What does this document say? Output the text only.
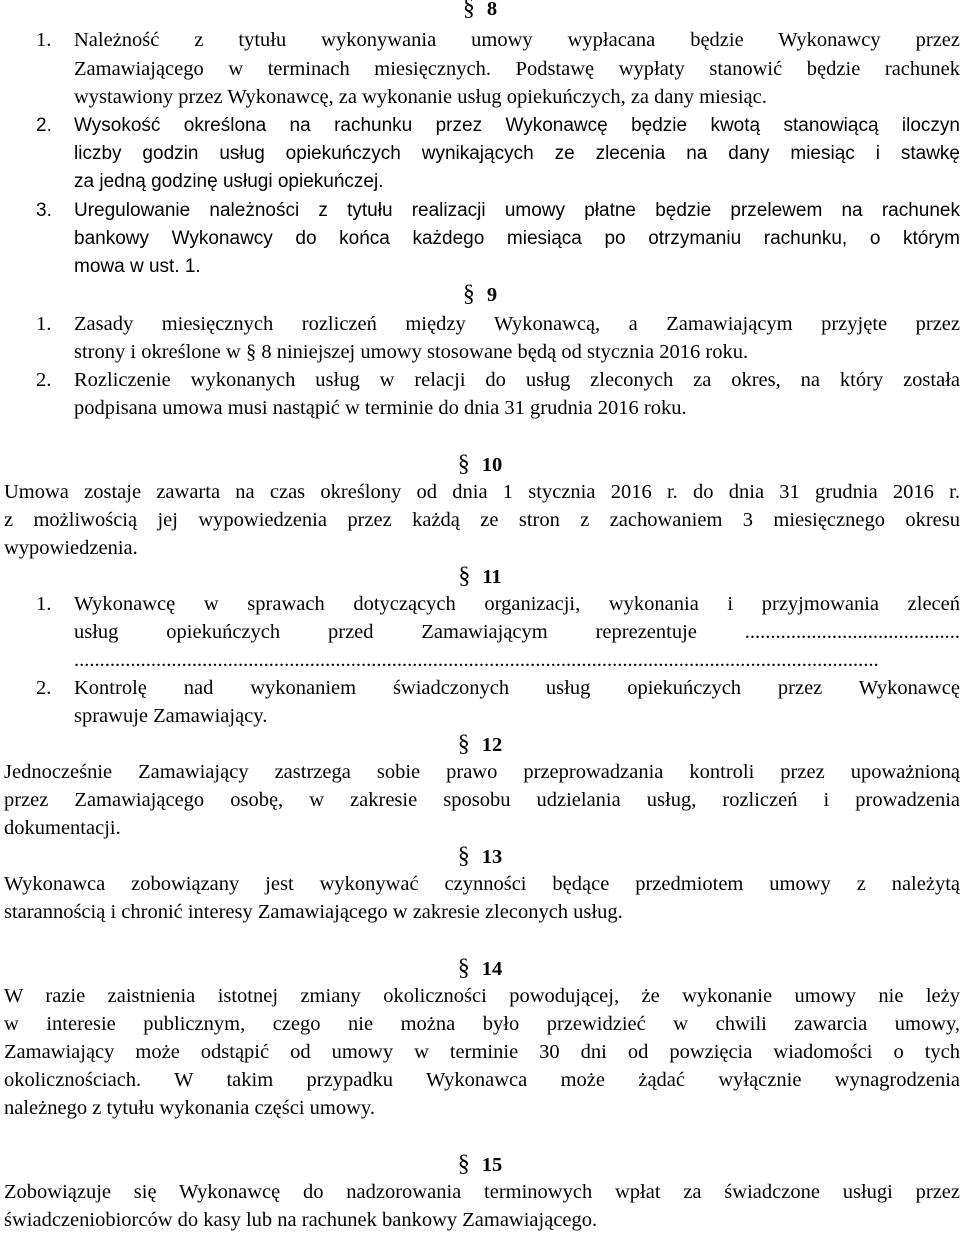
§ 8
1. Należność z tytułu wykonywania umowy wypłacana będzie Wykonawcy przez
Zamawiającego w terminach miesięcznych. Podstawę wypłaty stanowić będzie rachunek
wystawiony przez Wykonawcę, za wykonanie usług opiekuńczych, za dany miesiąc.
2. Wysokość określona na rachunku przez Wykonawcę będzie kwotą stanowiącą iloczyn
liczby godzin usług opiekuńczych wynikających ze zlecenia na dany miesiąc i stawkę
za jedną godzinę usługi opiekuńczej.
3. Uregulowanie należności z tytułu realizacji umowy płatne będzie przelewem na rachunek
bankowy Wykonawcy do końca każdego miesiąca po otrzymaniu rachunku, o którym
mowa w ust. 1.
§ 9
1. Zasady miesięcznych rozliczeń między Wykonawcą, a Zamawiającym przyjęte przez
strony i określone w § 8 niniejszej umowy stosowane będą od stycznia 2016 roku.
2. Rozliczenie wykonanych usług w relacji do usług zleconych za okres, na który została
podpisana umowa musi nastąpić w terminie do dnia 31 grudnia 2016 roku.
§ 10
Umowa zostaje zawarta na czas określony od dnia 1 stycznia 2016 r. do dnia 31 grudnia 2016 r.
z możliwością jej wypowiedzenia przez każdą ze stron z zachowaniem 3 miesięcznego okresu
wypowiedzenia.
§ 11
1. Wykonawcę w sprawach dotyczących organizacji, wykonania i przyjmowania zleceń
usług opiekuńczych przed Zamawiającym reprezentuje ..........................................
.............................................................................................................................................................
2. Kontrolę nad wykonaniem świadczonych usług opiekuńczych przez Wykonawcę
sprawuje Zamawiający.
§ 12
Jednocześnie Zamawiający zastrzega sobie prawo przeprowadzania kontroli przez upoważnioną
przez Zamawiającego osobę, w zakresie sposobu udzielania usług, rozliczeń i prowadzenia
dokumentacji.
§ 13
Wykonawca zobowiązany jest wykonywać czynności będące przedmiotem umowy z należytą
starannością i chronić interesy Zamawiającego w zakresie zleconych usług.
§ 14
W razie zaistnienia istotnej zmiany okoliczności powodującej, że wykonanie umowy nie leży
w interesie publicznym, czego nie można było przewidzieć w chwili zawarcia umowy,
Zamawiający może odstąpić od umowy w terminie 30 dni od powzięcia wiadomości o tych
okolicznościach. W takim przypadku Wykonawca może żądać wyłącznie wynagrodzenia
należnego z tytułu wykonania części umowy.
§ 15
Zobowiązuje się Wykonawcę do nadzorowania terminowych wpłat za świadczone usługi przez
świadczeniobiorców do kasy lub na rachunek bankowy Zamawiającego.
